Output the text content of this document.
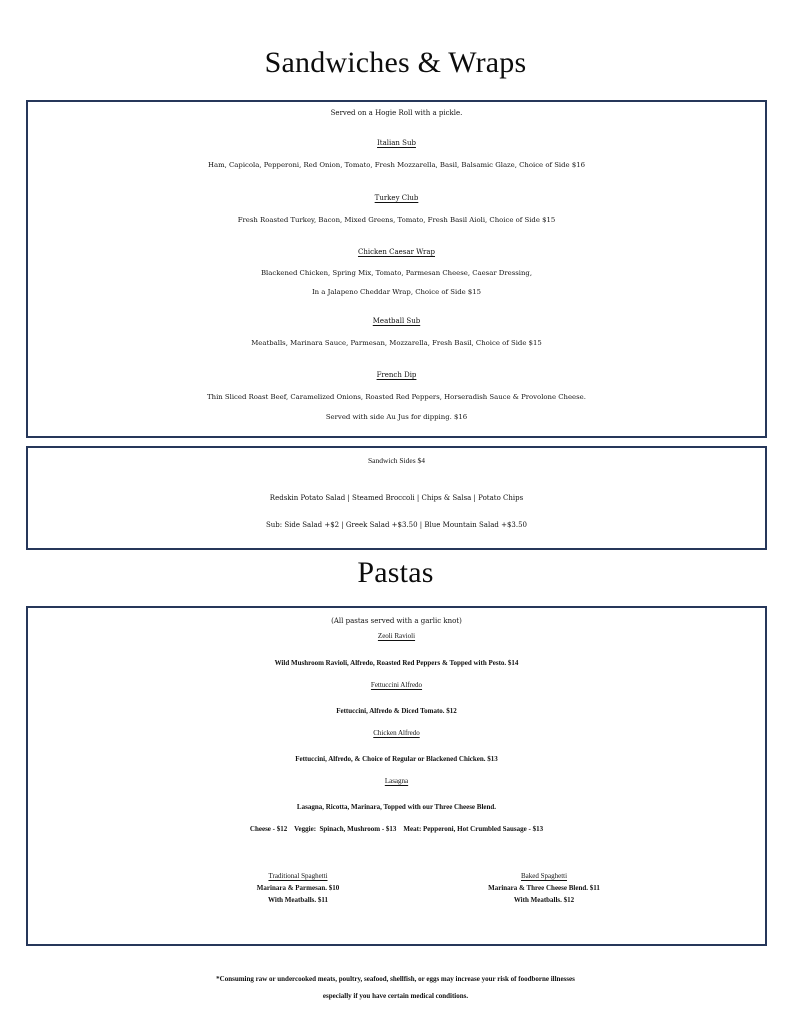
Sandwiches & Wraps
Served on a Hogie Roll with a pickle.
Italian Sub
Ham, Capicola, Pepperoni, Red Onion, Tomato, Fresh Mozzarella, Basil, Balsamic Glaze, Choice of Side $16
Turkey Club
Fresh Roasted Turkey, Bacon, Mixed Greens, Tomato, Fresh Basil Aioli, Choice of Side $15
Chicken Caesar Wrap
Blackened Chicken, Spring Mix, Tomato, Parmesan Cheese, Caesar Dressing,
In a Jalapeno Cheddar Wrap, Choice of Side $15
Meatball Sub
Meatballs, Marinara Sauce, Parmesan, Mozzarella, Fresh Basil, Choice of Side $15
French Dip
Thin Sliced Roast Beef, Caramelized Onions, Roasted Red Peppers, Horseradish Sauce & Provolone Cheese.
Served with side Au Jus for dipping. $16
Sandwich Sides $4
Redskin Potato Salad | Steamed Broccoli | Chips & Salsa | Potato Chips
Sub: Side Salad +$2 | Greek Salad +$3.50 | Blue Mountain Salad +$3.50
Pastas
(All pastas served with a garlic knot)
Zeoli Ravioli
Wild Mushroom Ravioli, Alfredo, Roasted Red Peppers & Topped with Pesto. $14
Fettuccini Alfredo
Fettuccini, Alfredo & Diced Tomato. $12
Chicken Alfredo
Fettuccini, Alfredo, & Choice of Regular or Blackened Chicken. $13
Lasagna
Lasagna, Ricotta, Marinara, Topped with our Three Cheese Blend.
Cheese - $12    Veggie:  Spinach, Mushroom - $13    Meat: Pepperoni, Hot Crumbled Sausage - $13
Traditional Spaghetti
Marinara & Parmesan. $10
With Meatballs. $11
Baked Spaghetti
Marinara & Three Cheese Blend. $11
With Meatballs. $12
*Consuming raw or undercooked meats, poultry, seafood, shellfish, or eggs may increase your risk of foodborne illnesses
especially if you have certain medical conditions.
